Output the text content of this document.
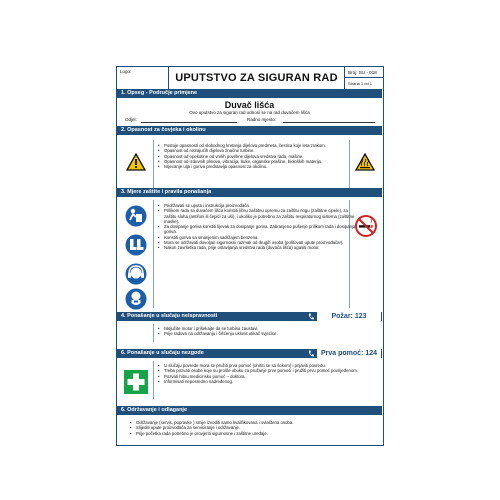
Logo:
UPUTSTVO ZA SIGURAN RAD	Broj: SU - 018
Strana 1 od 1
1. Opseg - Područje primjene
Duvač lišća
Ovo uputstvo za siguran rad odnosi se na rad duvačem lišća
Odjel:	Radno mjesto:
2. Opasnost za čovjeka i okolinu
• Postoje opasnosti od slobodnog kretanja dijelova predmeta, čestica koje leta zrakom.
• Opasnost od rotirajućih dijelova značne turbine.
• Opasnost od opekotine od vrelih površine dijelova sredstva rada, mašine.
• Opasnost od izduvnih plinova, vibracija, buke, organske prašine, bioloških materija.
• Istjecanje ulja i goriva predstavlja opasnost za okolinu.
3. Mjere zaštite i pravila ponašanja
• Pridržavati se uputa i instrukcija proizvođača.
• Prilikom rada sa duvačem lišća koristiti ličnu zaštitnu opremu za zaštitu nogu (zaštitne cipele), za zaštitu sluha (antifoni ili čepići za uši), i ukoliko je potrebno za zaštitu respiratornog sistema (zaštitne maske).
• Za dosipanje goriva koristiti lijevak za dosipanje goriva. Zabranjeno pušenje prilikom rada i dosipanja goriva.
• Koristiti goriva sa smanjenim sadržajem benzena.
• Mora se održavati dovoljan sigurnosni razmak od drugih osoba (poštovati upute proizvođača!).
• Nakon završetka rada, prije ostavljanja sredstva rada (duvača lišća) ugasiti motor.
4. Ponašanje u slučaju neispravnosti	Požar: 123
• Isključite motor i prišekajte da se turbina zaustavi.
• Prije radova na održavanju i čišćenju uklonit utikač svjećice.
6. Ponašanje u slučaju nezgode	Prva pomoć: 124
• U slučaju povrede mora se pružiti prva pomoć (ohrtiti se sa šokom) i prijaviti povredu.
• Treba pozvati osobe koje su prošle obuku za pružanje prve pomoći i pružiti prvu pomoć povrijeđenom.
• Pozvati hitnu medicinsku pomoć – doktora.
• Informisati neposredno nadređenog.
6. Održavanje i odlaganje
• Održavanje (servis, popravke ) smije izvoditi samo kvalifikovana i ovlaštena osoba.
• Slijediti upute proizvođača za servisiranje i održavanje.
• Prije početka rada potrebno je provjeriti sigurnosne i zaštitne uređaje.
